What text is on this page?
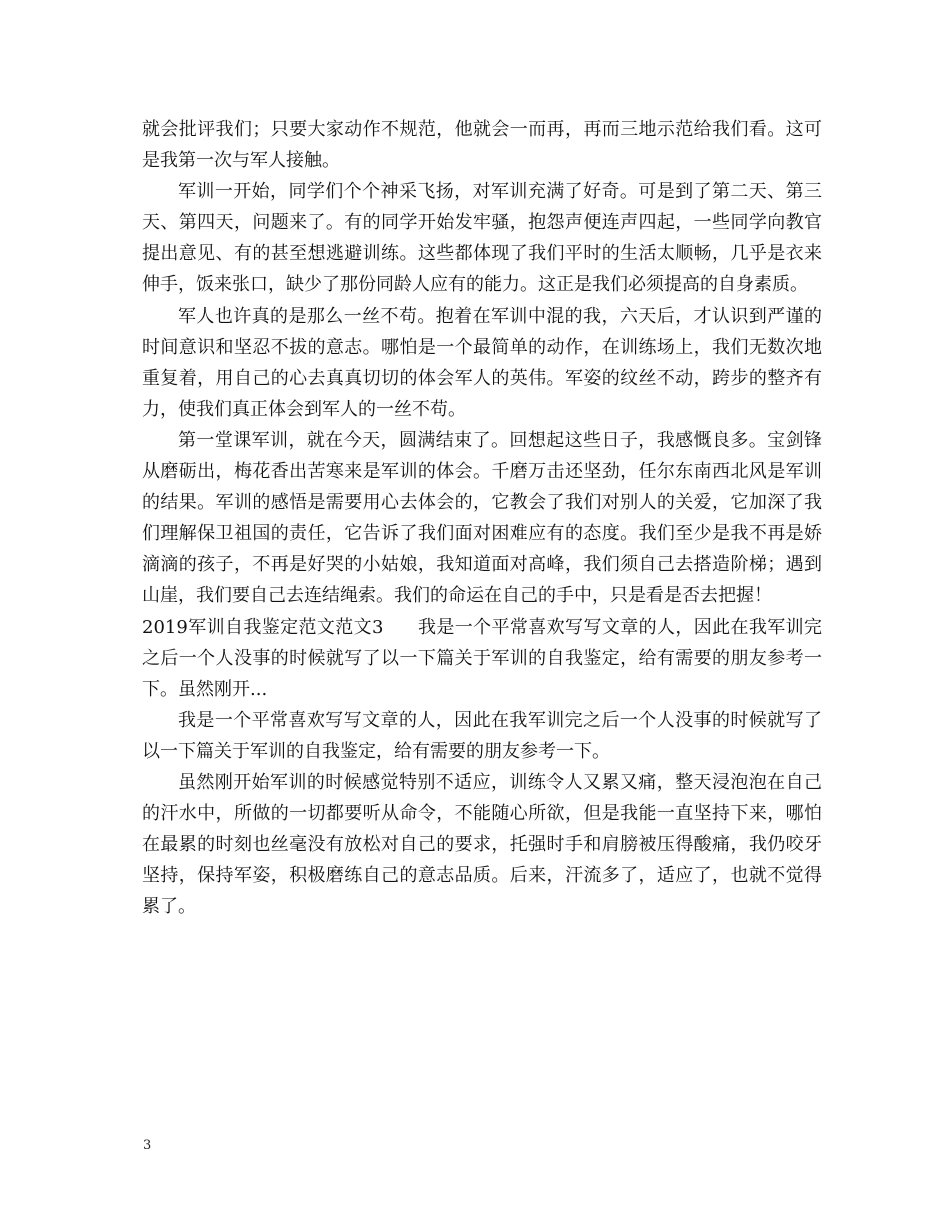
就会批评我们；只要大家动作不规范，他就会一而再，再而三地示范给我们看。这可是我第一次与军人接触。

军训一开始，同学们个个神采飞扬，对军训充满了好奇。可是到了第二天、第三天、第四天，问题来了。有的同学开始发牢骚，抱怨声便连声四起，一些同学向教官提出意见、有的甚至想逃避训练。这些都体现了我们平时的生活太顺畅，几乎是衣来伸手，饭来张口，缺少了那份同龄人应有的能力。这正是我们必须提高的自身素质。

军人也许真的是那么一丝不苟。抱着在军训中混的我，六天后，才认识到严谨的时间意识和坚忍不拔的意志。哪怕是一个最简单的动作，在训练场上，我们无数次地重复着，用自己的心去真真切切的体会军人的英伟。军姿的纹丝不动，跨步的整齐有力，使我们真正体会到军人的一丝不苟。

第一堂课军训，就在今天，圆满结束了。回想起这些日子，我感慨良多。宝剑锋从磨砺出，梅花香出苦寒来是军训的体会。千磨万击还坚劲，任尔东南西北风是军训的结果。军训的感悟是需要用心去体会的，它教会了我们对别人的关爱，它加深了我们理解保卫祖国的责任，它告诉了我们面对困难应有的态度。我们至少是我不再是娇滴滴的孩子，不再是好哭的小姑娘，我知道面对高峰，我们须自己去搭造阶梯；遇到山崖，我们要自己去连结绳索。我们的命运在自己的手中，只是看是否去把握！

2019军训自我鉴定范文范文3 我是一个平常喜欢写写文章的人，因此在我军训完之后一个人没事的时候就写了以一下篇关于军训的自我鉴定，给有需要的朋友参考一下。虽然刚开...

我是一个平常喜欢写写文章的人，因此在我军训完之后一个人没事的时候就写了以一下篇关于军训的自我鉴定，给有需要的朋友参考一下。

虽然刚开始军训的时候感觉特别不适应，训练令人又累又痛，整天浸泡泡在自己的汗水中，所做的一切都要听从命令，不能随心所欲，但是我能一直坚持下来，哪怕在最累的时刻也丝毫没有放松对自己的要求，托强时手和肩膀被压得酸痛，我仍咬牙坚持，保持军姿，积极磨练自己的意志品质。后来，汗流多了，适应了，也就不觉得累了。

3
